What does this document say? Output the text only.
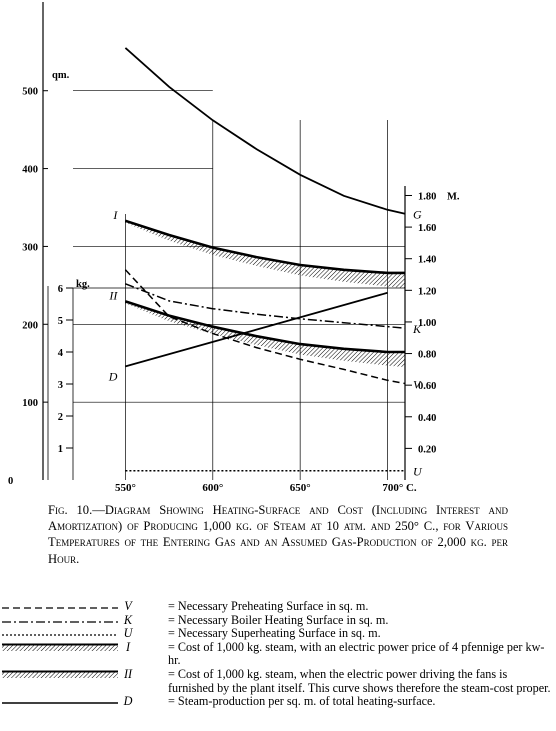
100
200
300
400
500
qm.
0
1
2
3
4
5
6 kg.
0.20
0.40
0.60
0.80
1.00
1.20
1.40
1.60
1.80 M.
550°	600°	650°	700° C.
G
V
K
U
I
II
D
Fig. 10.—Diagram Showing Heating-Surface and Cost (Including Interest and Amortization) of Producing 1,000 kg. of Steam at 10 atm. and 250° C., for Various Temperatures of the Entering Gas and an Assumed Gas-Production of 2,000 kg. per Hour.
V	= Necessary Preheating Surface in sq. m.
K	= Necessary Boiler Heating Surface in sq. m.
U	= Necessary Superheating Surface in sq. m.
I	= Cost of 1,000 kg. steam, with an electric power price of 4 pfennige per kw-hr.
II	= Cost of 1,000 kg. steam, when the electric power driving the fans is furnished by the plant itself. This curve shows therefore the steam-cost proper.
D	= Steam-production per sq. m. of total heating-surface.
